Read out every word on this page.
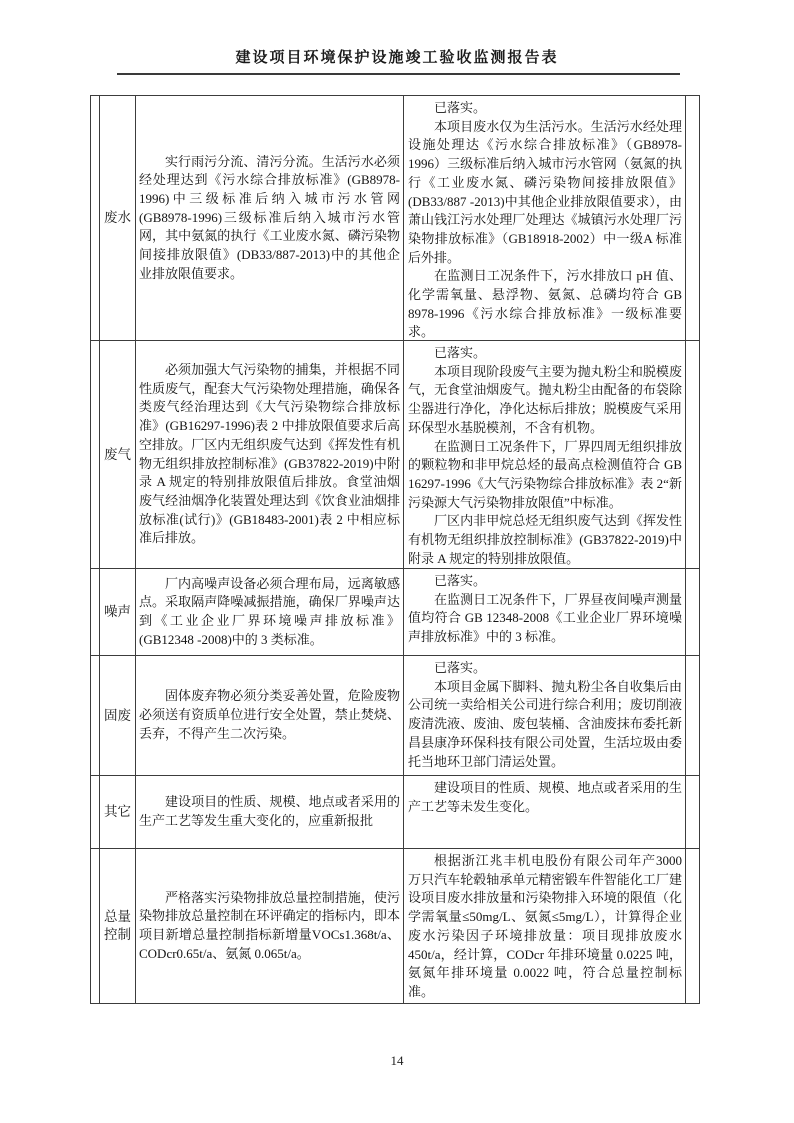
建设项目环境保护设施竣工验收监测报告表
废水

实行雨污分流、清污分流。生活污水必须经处理达到《污水综合排放标准》(GB8978-1996)中三级标准后纳入城市污水管网(GB8978-1996)三级标准后纳入城市污水管网，其中氨氮的执行《工业废水氮、磷污染物间接排放限值》(DB33/887-2013)中的其他企业排放限值要求。

已落实。

本项目废水仅为生活污水。生活污水经处理设施处理达《污水综合排放标准》（GB8978-1996）三级标准后纳入城市污水管网（氨氮的执行《工业废水氮、磷污染物间接排放限值》(DB33/887 -2013)中其他企业排放限值要求），由萧山钱江污水处理厂处理达《城镇污水处理厂污染物排放标准》（GB18918-2002）中一级A 标准后外排。

在监测日工况条件下，污水排放口 pH 值、化学需氧量、悬浮物、氨氮、总磷均符合 GB 8978-1996《污水综合排放标准》一级标准要求。

废气

必须加强大气污染物的捕集，并根据不同性质废气，配套大气污染物处理措施，确保各类废气经治理达到《大气污染物综合排放标准》(GB16297-1996)表 2 中排放限值要求后高空排放。厂区内无组织废气达到《挥发性有机物无组织排放控制标准》(GB37822-2019)中附录 A 规定的特别排放限值后排放。食堂油烟废气经油烟净化装置处理达到《饮食业油烟排放标准(试行)》(GB18483-2001)表 2 中相应标准后排放。

已落实。

本项目现阶段废气主要为抛丸粉尘和脱模废气，无食堂油烟废气。抛丸粉尘由配备的布袋除尘器进行净化，净化达标后排放；脱模废气采用环保型水基脱模剂，不含有机物。

在监测日工况条件下，厂界四周无组织排放的颗粒物和非甲烷总烃的最高点检测值符合 GB 16297-1996《大气污染物综合排放标准》表 2“新污染源大气污染物排放限值”中标准。

厂区内非甲烷总烃无组织废气达到《挥发性有机物无组织排放控制标准》(GB37822-2019)中附录 A 规定的特别排放限值。

噪声

厂内高噪声设备必须合理布局，远离敏感点。采取隔声降噪减振措施，确保厂界噪声达到《工业企业厂界环境噪声排放标准》(GB12348 -2008)中的 3 类标准。

已落实。

在监测日工况条件下，厂界昼夜间噪声测量值均符合 GB 12348-2008《工业企业厂界环境噪声排放标准》中的 3 标准。

固废

固体废弃物必须分类妥善处置，危险废物必须送有资质单位进行安全处置，禁止焚烧、丢弃，不得产生二次污染。

已落实。

本项目金属下脚料、抛丸粉尘各自收集后由公司统一卖给相关公司进行综合利用；废切削液废清洗液、废油、废包装桶、含油废抹布委托新昌县康净环保科技有限公司处置，生活垃圾由委托当地环卫部门清运处置。

其它

建设项目的性质、规模、地点或者采用的生产工艺等发生重大变化的，应重新报批

建设项目的性质、规模、地点或者采用的生产工艺等未发生变化。

总量控制

严格落实污染物排放总量控制措施，使污染物排放总量控制在环评确定的指标内，即本项目新增总量控制指标新增量VOCs1.368t/a、CODcr0.65t/a、氨氮 0.065t/a。

根据浙江兆丰机电股份有限公司年产3000 万只汽车轮毂轴承单元精密锻车件智能化工厂建设项目废水排放量和污染物排入环境的限值（化学需氧量≤50mg/L、氨氮≤5mg/L），计算得企业废水污染因子环境排放量：项目现排放废水 450t/a，经计算，CODcr 年排环境量 0.0225 吨，氨氮年排环境量 0.0022 吨，符合总量控制标准。

14
